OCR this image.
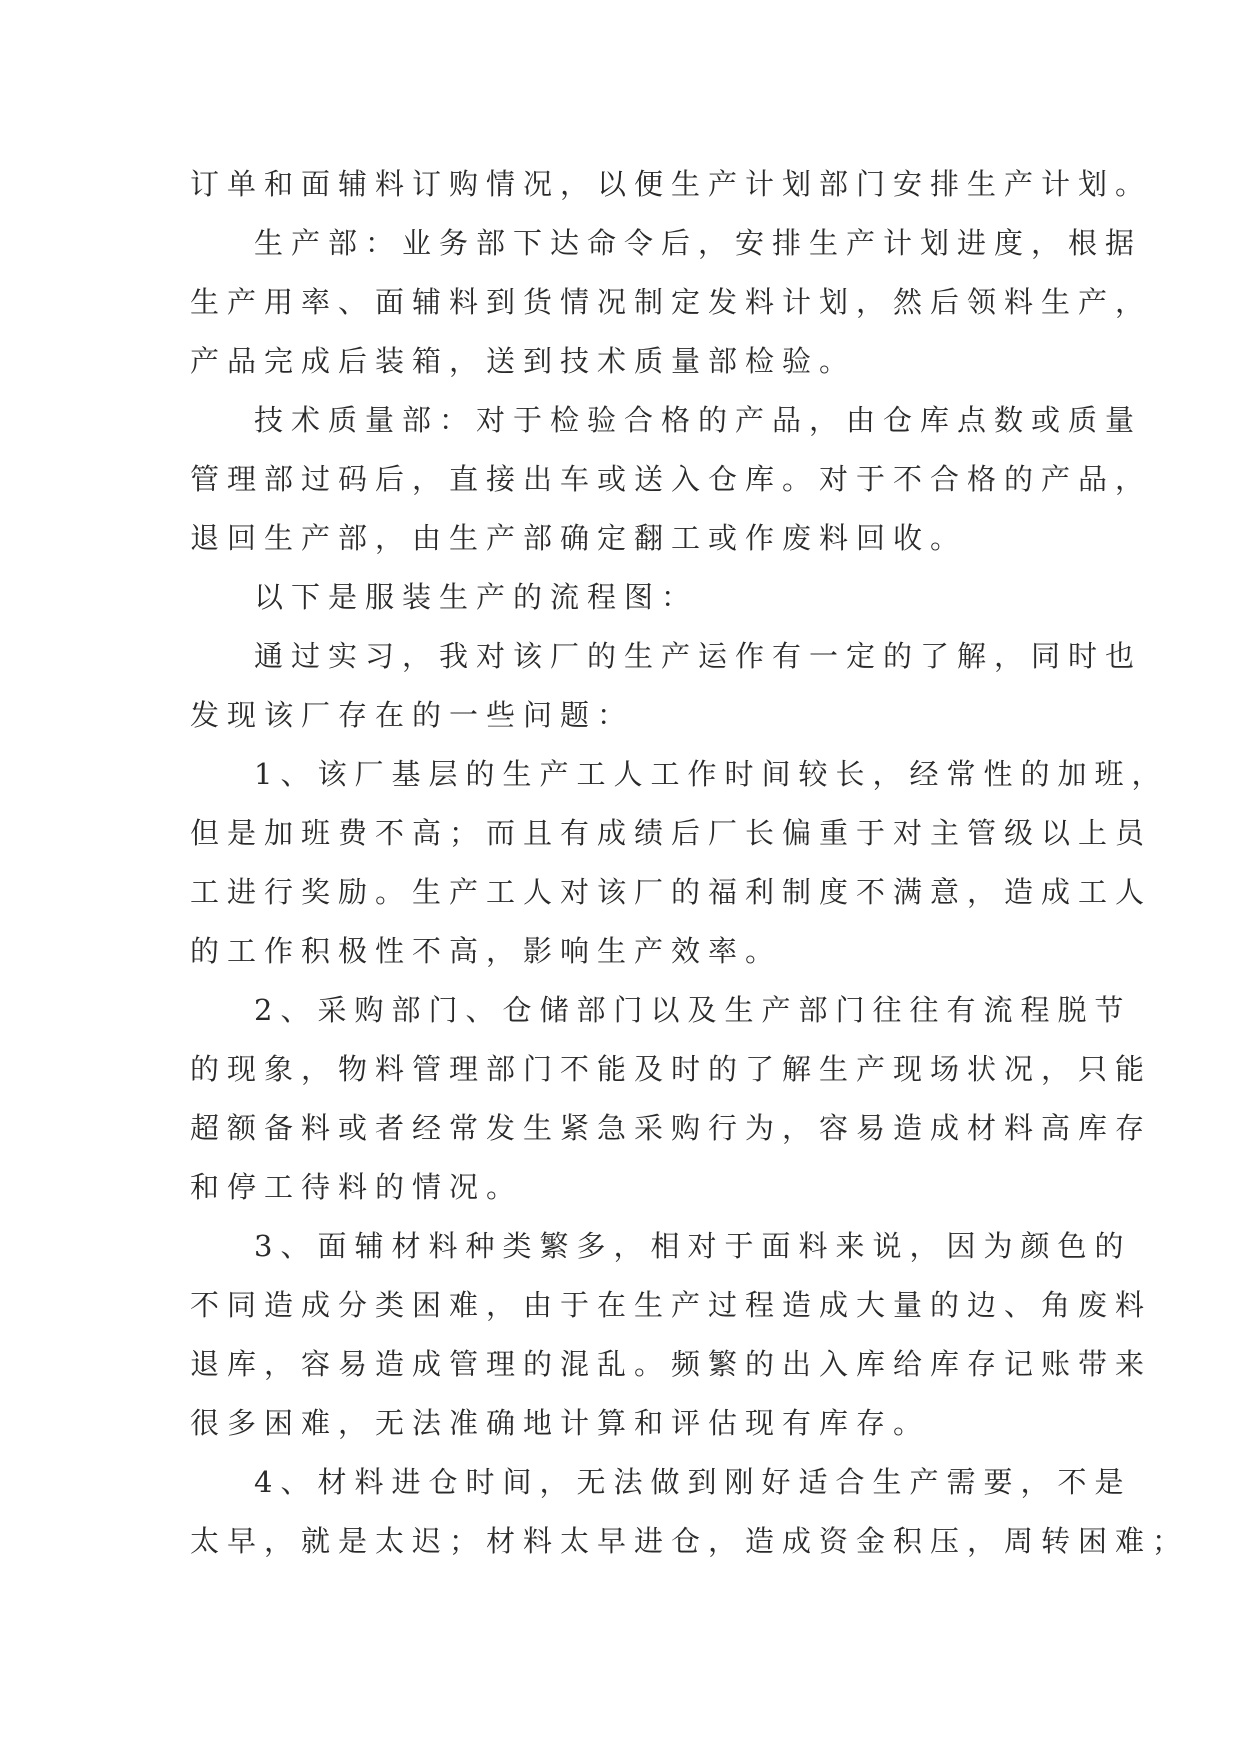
订单和面辅料订购情况，以便生产计划部门安排生产计划。
生产部：业务部下达命令后，安排生产计划进度，根据
生产用率、面辅料到货情况制定发料计划，然后领料生产，
产品完成后装箱，送到技术质量部检验。
技术质量部：对于检验合格的产品，由仓库点数或质量
管理部过码后，直接出车或送入仓库。对于不合格的产品，
退回生产部，由生产部确定翻工或作废料回收。
以下是服装生产的流程图：
通过实习，我对该厂的生产运作有一定的了解，同时也
发现该厂存在的一些问题：
1、该厂基层的生产工人工作时间较长，经常性的加班，
但是加班费不高；而且有成绩后厂长偏重于对主管级以上员
工进行奖励。生产工人对该厂的福利制度不满意，造成工人
的工作积极性不高，影响生产效率。
2、采购部门、仓储部门以及生产部门往往有流程脱节
的现象，物料管理部门不能及时的了解生产现场状况，只能
超额备料或者经常发生紧急采购行为，容易造成材料高库存
和停工待料的情况。
3、面辅材料种类繁多，相对于面料来说，因为颜色的
不同造成分类困难，由于在生产过程造成大量的边、角废料
退库，容易造成管理的混乱。频繁的出入库给库存记账带来
很多困难，无法准确地计算和评估现有库存。
4、材料进仓时间，无法做到刚好适合生产需要，不是
太早，就是太迟；材料太早进仓，造成资金积压，周转困难；
